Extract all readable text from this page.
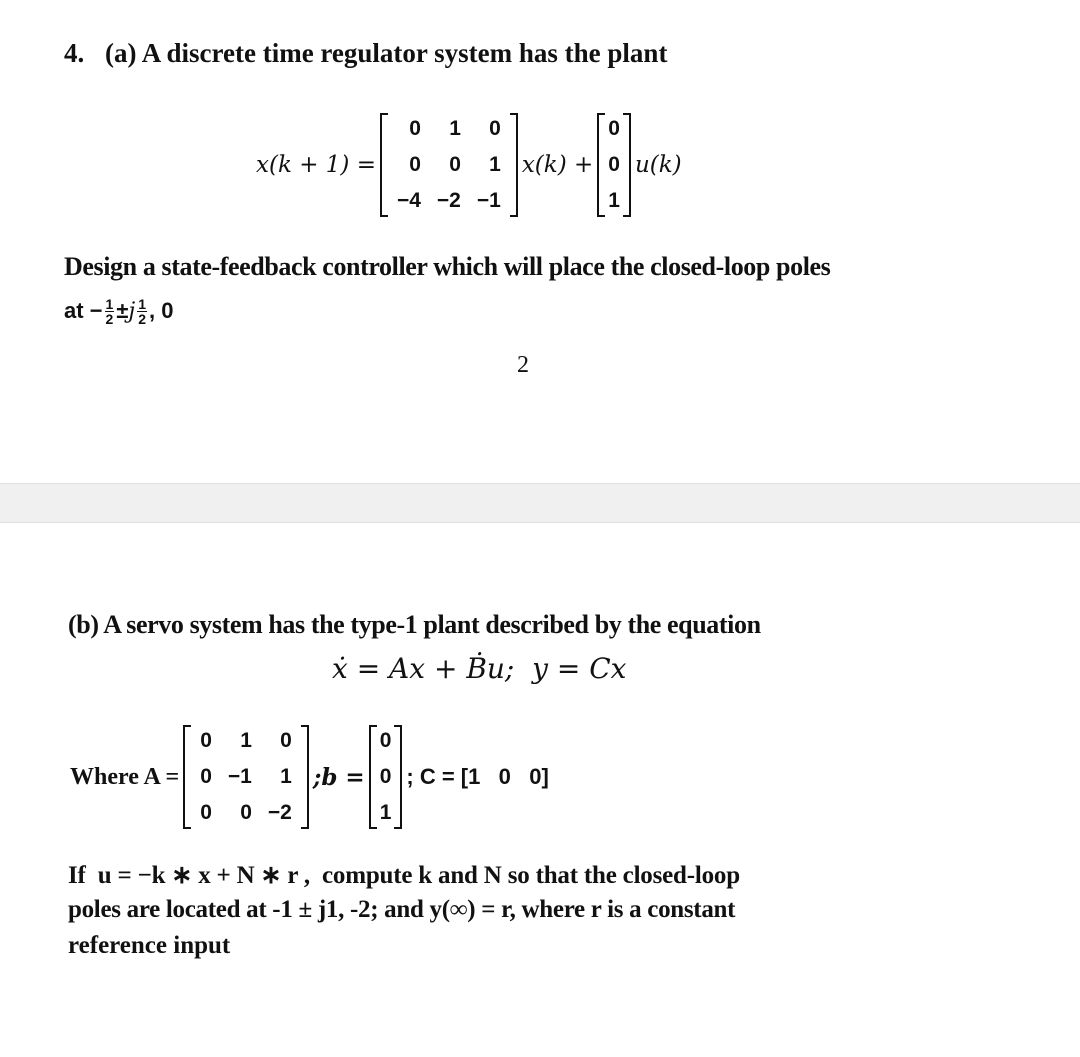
4. (a) A discrete time regulator system has the plant
x(k + 1) =
0	1	0
0	0	1
−4	−2	−1
x(k) +
0
0
1
u(k)
Design a state-feedback controller which will place the closed-loop poles
at − $\frac{1}{2} \pm j \frac{1}{2}$ , 0
2
(b) A servo system has the type-1 plant described by the equation
ẋ = Ax + Ḃu;  y = Cx
Where A =
0	1	0
0	−1	1
0	0	−2
;b =
0
0
1
; C = [1   0   0]
If  u = −k ∗ x + N ∗ r ,  compute k and N so that the closed-loop
poles are located at -1 ± j1, -2; and y(∞) = r, where r is a constant
reference input
